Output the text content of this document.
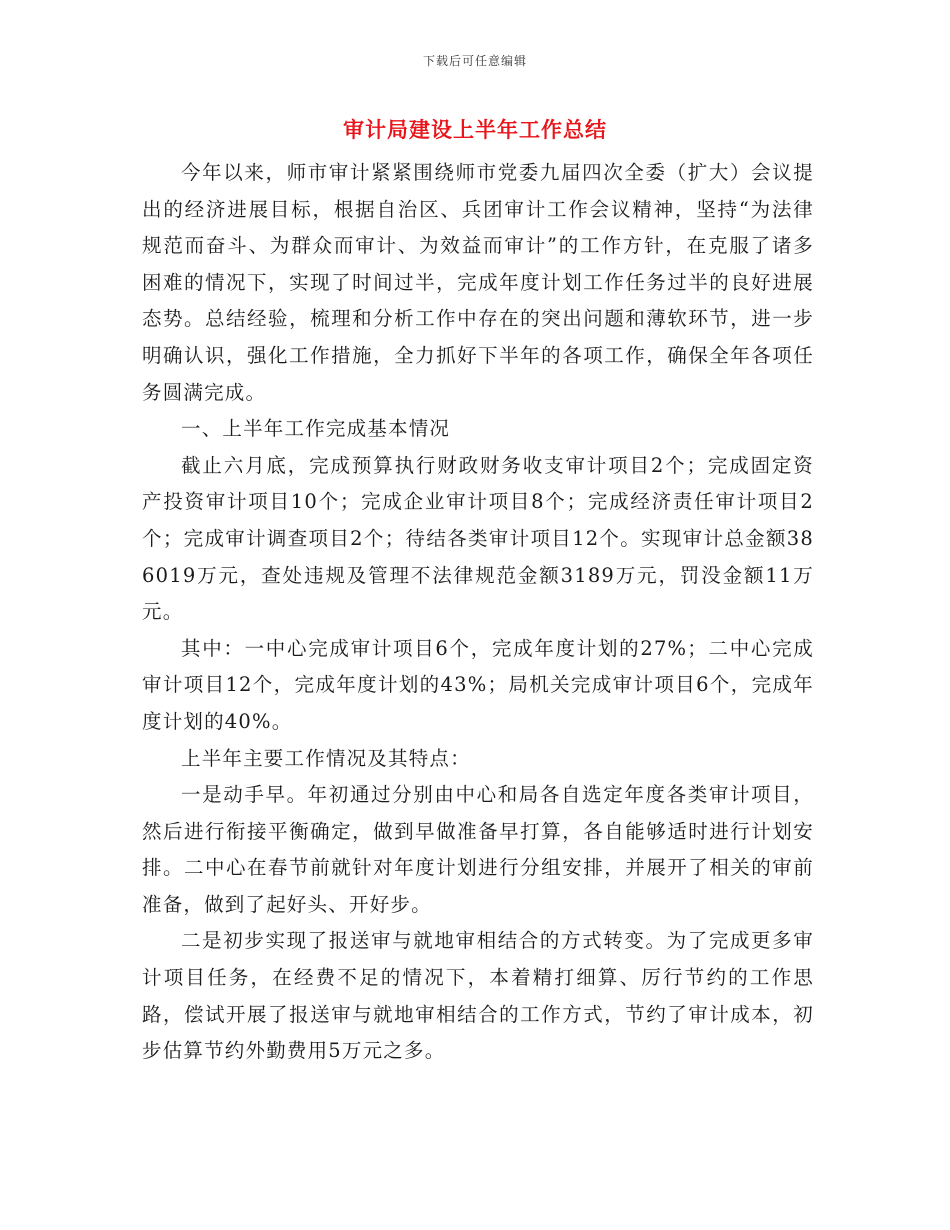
下载后可任意编辑
审计局建设上半年工作总结

今年以来，师市审计紧紧围绕师市党委九届四次全委（扩大）会议提出的经济进展目标，根据自治区、兵团审计工作会议精神，坚持“为法律规范而奋斗、为群众而审计、为效益而审计”的工作方针，在克服了诸多困难的情况下，实现了时间过半，完成年度计划工作任务过半的良好进展态势。总结经验，梳理和分析工作中存在的突出问题和薄软环节，进一步明确认识，强化工作措施，全力抓好下半年的各项工作，确保全年各项任务圆满完成。

一、上半年工作完成基本情况

截止六月底，完成预算执行财政财务收支审计项目2个；完成固定资产投资审计项目10个；完成企业审计项目8个；完成经济责任审计项目2个；完成审计调查项目2个；待结各类审计项目12个。实现审计总金额386019万元，查处违规及管理不法律规范金额3189万元，罚没金额11万元。

其中：一中心完成审计项目6个，完成年度计划的27%；二中心完成审计项目12个，完成年度计划的43%；局机关完成审计项目6个，完成年度计划的40%。

上半年主要工作情况及其特点：

一是动手早。年初通过分别由中心和局各自选定年度各类审计项目，然后进行衔接平衡确定，做到早做准备早打算，各自能够适时进行计划安排。二中心在春节前就针对年度计划进行分组安排，并展开了相关的审前准备，做到了起好头、开好步。

二是初步实现了报送审与就地审相结合的方式转变。为了完成更多审计项目任务，在经费不足的情况下，本着精打细算、厉行节约的工作思路，偿试开展了报送审与就地审相结合的工作方式，节约了审计成本，初步估算节约外勤费用5万元之多。
